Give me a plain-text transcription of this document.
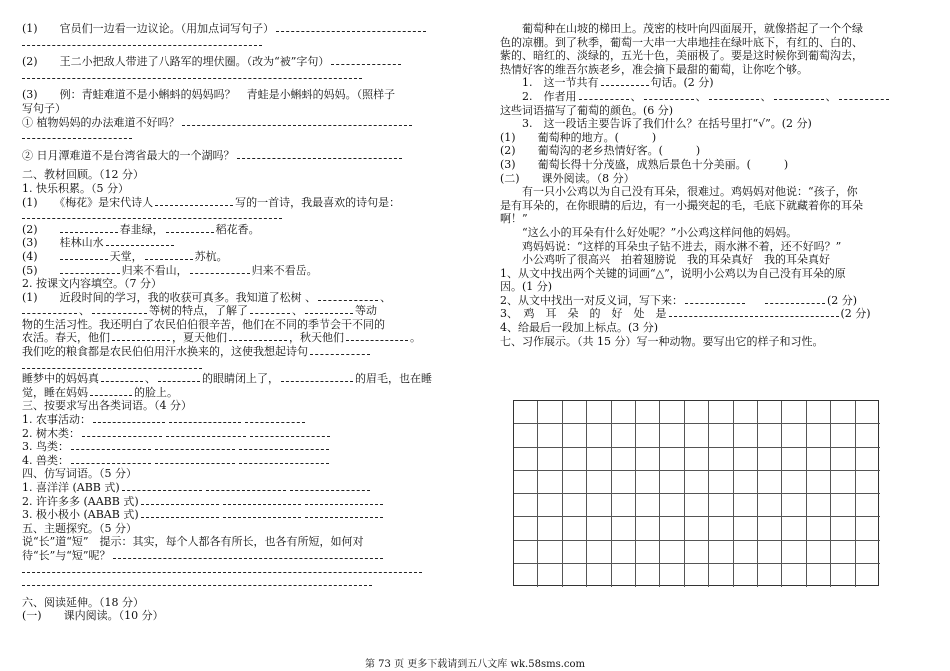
(1)　　官员们一边看一边议论。（用加点词写句子）
(2)　　王二小把敌人带进了八路军的埋伏圈。（改为“被”字句）
(3)　　例：青蛙难道不是小蝌蚪的妈妈吗？　青蛙是小蝌蚪的妈妈。（照样子
写句子）
① 植物妈妈的办法难道不好吗？
② 日月潭难道不是台湾省最大的一个湖吗？
二、教材回顾。（12 分）
1. 快乐积累。（5 分）
(1)　　《梅花》是宋代诗人	写的一首诗，我最喜欢的诗句是：
(2)	春韭绿，	稻花香。
(3)　　桂林山水
(4)	天堂，	苏杭。
(5)	归来不看山，	归来不看岳。
2. 按课文内容填空。（7 分）
(1)　　近段时间的学习，我的收获可真多。我知道了松树 、	、
、	等树的特点，了解了	、	等动
物的生活习性。我还明白了农民伯伯很辛苦，他们在不同的季节会干不同的
农活。春天，他们	，夏天他们	，秋天他们	。
我们吃的粮食都是农民伯伯用汗水换来的，这使我想起诗句
睡梦中的妈妈真	、	的眼睛闭上了，	的眉毛，也在睡
觉，睡在妈妈	的脸上。
三、按要求写出各类词语。（4 分）
1. 农事活动：
2. 树木类：
3. 鸟类：
4. 兽类：
四、仿写词语。（5 分）
1. 喜洋洋 (ABB 式)
2. 许许多多 (AABB 式)
3. 极小极小 (ABAB 式)
五、主题探究。（5 分）
说“长”道“短”　提示：其实，每个人都各有所长，也各有所短，如何对
待“长”与“短”呢？
六、阅读延伸。（18 分）
(一)　　课内阅读。（10 分）
葡萄种在山坡的梯田上。茂密的枝叶向四面展开，就像搭起了一个个绿
色的凉棚。到了秋季，葡萄一大串一大串地挂在绿叶底下，有红的、白的、
紫的、暗红的、淡绿的，五光十色，美丽极了。要是这时候你到葡萄沟去，
热情好客的维吾尔族老乡，准会摘下最甜的葡萄，让你吃个够。
1.　这一节共有	句话。(2 分)
2.　作者用	、	、	、	、
这些词语描写了葡萄的颜色。(6 分)
3.　这一段话主要告诉了我们什么？在括号里打“√”。(2 分)
(1)　　葡萄种的地方。(　　　)
(2)　　葡萄沟的老乡热情好客。(　　　)
(3)　　葡萄长得十分茂盛，成熟后景色十分美丽。(　　　)
(二)　　课外阅读。（8 分）
　　有一只小公鸡以为自己没有耳朵，很难过。鸡妈妈对他说：“孩子，你
是有耳朵的，在你眼睛的后边，有一小撮突起的毛，毛底下就藏着你的耳朵
啊！”
　　“这么小的耳朵有什么好处呢？”小公鸡这样问他的妈妈。
　　鸡妈妈说：“这样的耳朵虫子钻不进去，雨水淋不着，还不好吗？”
　　小公鸡听了很高兴　拍着翅膀说　我的耳朵真好　我的耳朵真好
1、从文中找出两个关键的词画“△”，说明小公鸡以为自己没有耳朵的原
因。(1 分)
2、从文中找出一对反义词，写下来：	(2 分)
3、　鸡　耳　朵　的　好　处　是	(2 分)
4、给最后一段加上标点。(3 分)
七、习作展示。（共 15 分）写一种动物。要写出它的样子和习性。
第 73 页 更多下载请到五八文库 wk.58sms.com
